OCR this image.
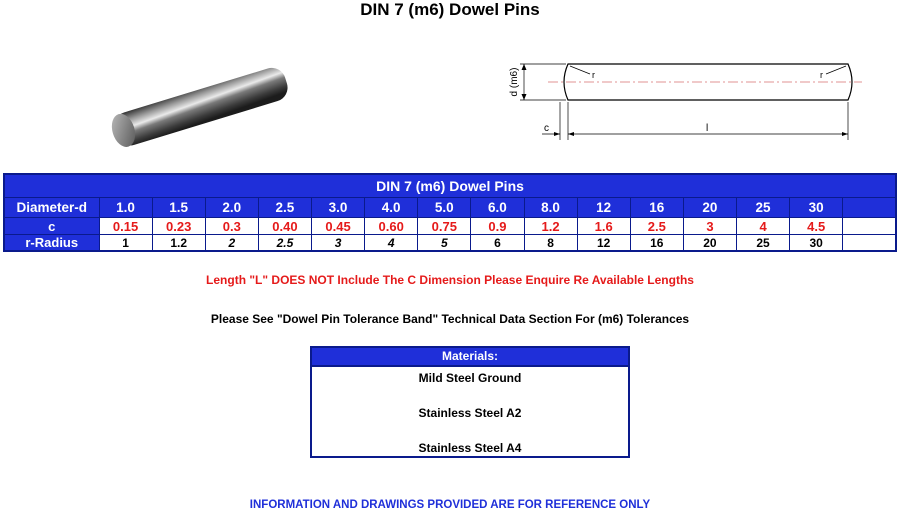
DIN 7 (m6) Dowel Pins
d (m6)
c	l
r	r
DIN 7 (m6) Dowel Pins															
Diameter-d	1.0	1.5	2.0	2.5	3.0	4.0	5.0	6.0	8.0	12	16	20	25	30	
c	0.15	0.23	0.3	0.40	0.45	0.60	0.75	0.9	1.2	1.6	2.5	3	4	4.5	
r-Radius	1	1.2	2	2.5	3	4	5	6	8	12	16	20	25	30	
Length "L" DOES NOT Include The C Dimension Please Enquire Re Available Lengths
Please See "Dowel Pin Tolerance Band" Technical Data Section For (m6) Tolerances
Materials:
Mild Steel Ground
Stainless Steel A2
Stainless Steel A4
INFORMATION AND DRAWINGS PROVIDED ARE FOR REFERENCE ONLY
